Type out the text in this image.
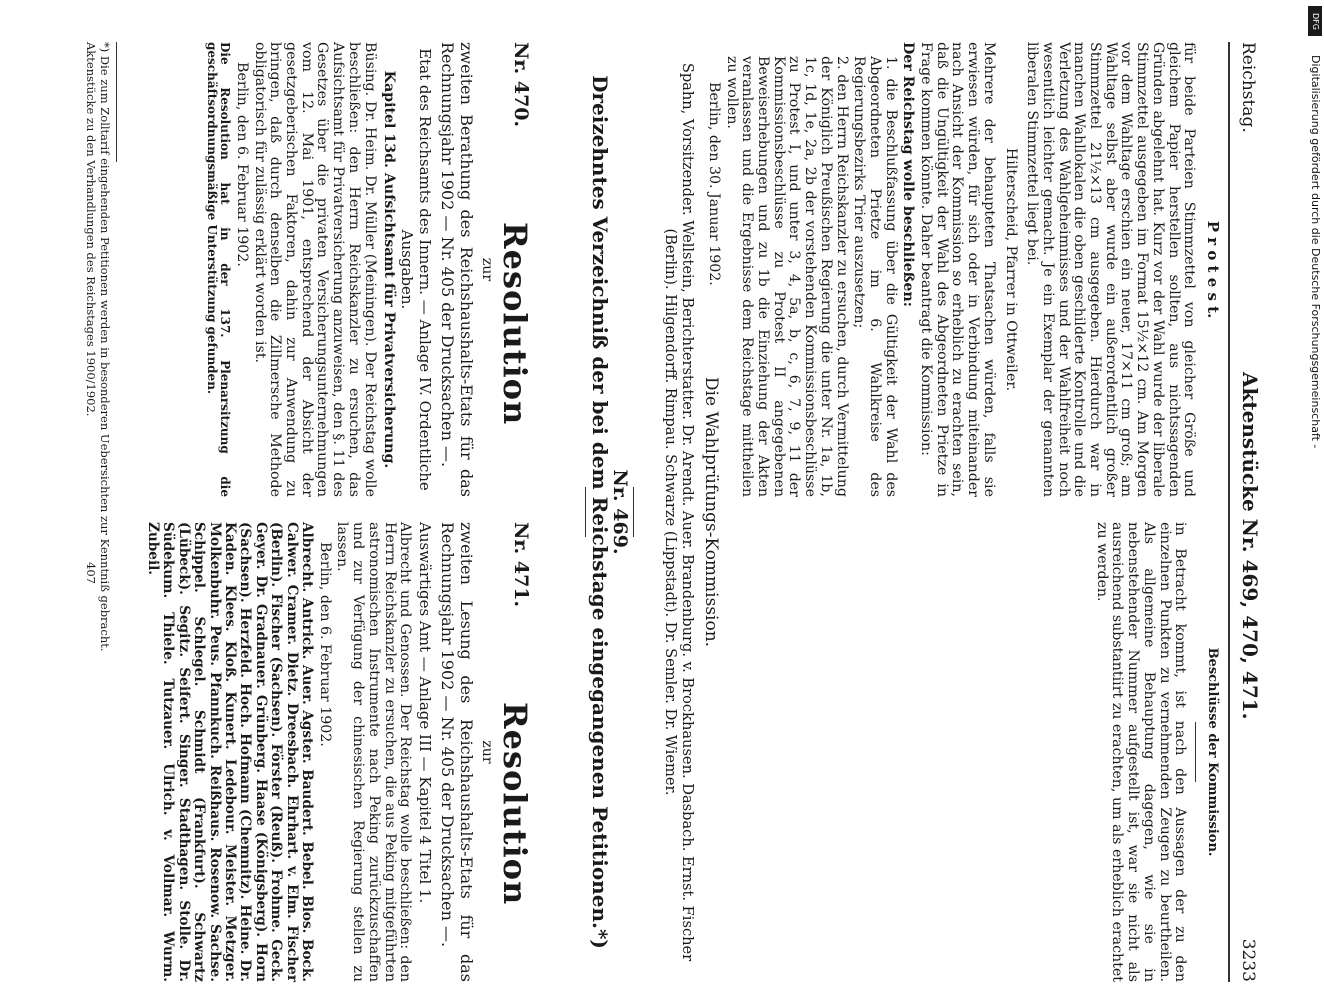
Reichstag.
Aktenstücke Nr. 469, 470, 471.
3233

P r o t e s t.

für beide Parteien Stimmzettel von gleicher Größe und gleichem Papier herstellen sollten, aus nichtssagenden Gründen abgelehnt hat. Kurz vor der Wahl wurde der liberale Stimmzettel ausgegeben im Format 15½×12 cm. Am Morgen vor dem Wahltage erschien ein neuer, 17×11 cm groß; am Wahltage selbst aber wurde ein außerordentlich großer Stimmzettel 21½×13 cm ausgegeben. Hierdurch war in manchen Wahllokalen die oben geschilderte Kontrolle und die Verletzung des Wahlgeheimnisses und der Wahlfreiheit noch wesentlich leichter gemacht. Je ein Exemplar der genannten liberalen Stimmzettel liegt bei.

Hilterscheid, Pfarrer in Ottweiler.

Mehrere der behaupteten Thatsachen würden, falls sie erwiesen würden, für sich oder in Verbindung miteinander nach Ansicht der Kommission so erheblich zu erachten sein, daß die Ungültigkeit der Wahl des Abgeordneten Prietze in Frage kommen könnte. Daher beantragt die Kommission:

Der Reichstag wolle beschließen:

1. die Beschlußfassung über die Gültigkeit der Wahl des Abgeordneten Prietze im 6. Wahlkreise des Regierungsbezirks Trier auszusetzen;

2. den Herrn Reichskanzler zu ersuchen, durch Vermittelung der Königlich Preußischen Regierung die unter Nr. 1a, 1b, 1c, 1d, 1e, 2a, 2b der vorstehenden Kommissionsbeschlüsse zu Protest I, und unter 3, 4, 5a, b, c, 6, 7, 9, 11 der Kommissionsbeschlüsse zu Protest II angegebenen Beweiserhebungen und zu 1b die Einziehung der Akten veranlassen und die Ergebnisse dem Reichstage mittheilen zu wollen.

Berlin, den 30. Januar 1902.

Beschlüsse der Kommission.

in Betracht kommt, ist nach den Aussagen der zu den einzelnen Punkten zu vernehmenden Zeugen zu beurtheilen. Als allgemeine Behauptung dagegen, wie sie in nebenstehender Nummer aufgestellt ist, war sie nicht als ausreichend substantiirt zu erachten, um als erheblich erachtet zu werden.

Die Wahlprüfungs-Kommission.

Spahn, Vorsitzender. Wellstein, Berichterstatter. Dr. Arendt. Auer. Brandenburg. v. Brockhausen. Dasbach. Ernst. Fischer (Berlin). Hilgendorff. Rimpau. Schwarze (Lippstadt). Dr. Semler. Dr. Wiemer.

Nr. 469.

Dreizehntes Verzeichniß der bei dem Reichstage eingegangenen Petitionen.*)

Nr. 470.
Resolution

zur

zweiten Berathung des Reichshaushalts-Etats für das Rechnungsjahr 1902 — Nr. 405 der Drucksachen —.

Etat des Reichsamts des Innern. — Anlage IV. Ordentliche Ausgaben.

Kapitel 13d. Aufsichtsamt für Privatversicherung.

Büsing. Dr. Heim. Dr. Müller (Meiningen). Der Reichstag wolle beschließen: den Herrn Reichskanzler zu ersuchen, das Aufsichtsamt für Privatversicherung anzuweisen, den §. 11 des Gesetzes über die privaten Versicherungsunternehmungen vom 12. Mai 1901, entsprechend der Absicht der gesetzgeberischen Faktoren, dahin zur Anwendung zu bringen, daß durch denselben die Zillmersche Methode obligatorisch für zulässig erklärt worden ist.

Berlin, den 6. Februar 1902.

Die Resolution hat in der 137. Plenarsitzung die geschäftsordnungsmäßige Unterstützung gefunden.

Nr. 471.
Resolution

zur

zweiten Lesung des Reichshaushalts-Etats für das Rechnungsjahr 1902 — Nr. 405 der Drucksachen —.

Auswärtiges Amt — Anlage III — Kapitel 4 Titel 1.

Albrecht und Genossen. Der Reichstag wolle beschließen: den Herrn Reichskanzler zu ersuchen, die aus Peking mitgeführten astronomischen Instrumente nach Peking zurückzuschaffen und zur Verfügung der chinesischen Regierung stellen zu lassen.

Berlin, den 6. Februar 1902.

Albrecht. Antrick. Auer. Agster. Baudert. Bebel. Blos. Bock. Calwer. Cramer. Dietz. Dreesbach. Ehrhart. v. Elm. Fischer (Berlin). Fischer (Sachsen). Förster (Reuß). Frohme. Geck. Geyer. Dr. Gradnauer. Grünberg. Haase (Königsberg). Horn (Sachsen). Herzfeld. Hoch. Hofmann (Chemnitz). Heine. Dr. Kaden. Klees. Kloß. Kunert. Ledebour. Meister. Metzger. Molkenbuhr. Peus. Pfannkuch. Reißhaus. Rosenow. Sachse. Schippel. Schlegel. Schmidt (Frankfurt). Schwartz (Lübeck). Segitz. Seifert. Singer. Stadthagen. Stolle. Dr. Südekum. Thiele. Tutzauer. Ulrich. v. Vollmar. Wurm. Zubeil.

*) Die zum Zolltarif eingehenden Petitionen werden in besonderen Uebersichten zur Kenntniß gebracht.
Aktenstücke zu den Verhandlungen des Reichstages 1900/1902.
407
DFG
Digitalisierung gefördert durch die Deutsche Forschungsgemeinschaft -
